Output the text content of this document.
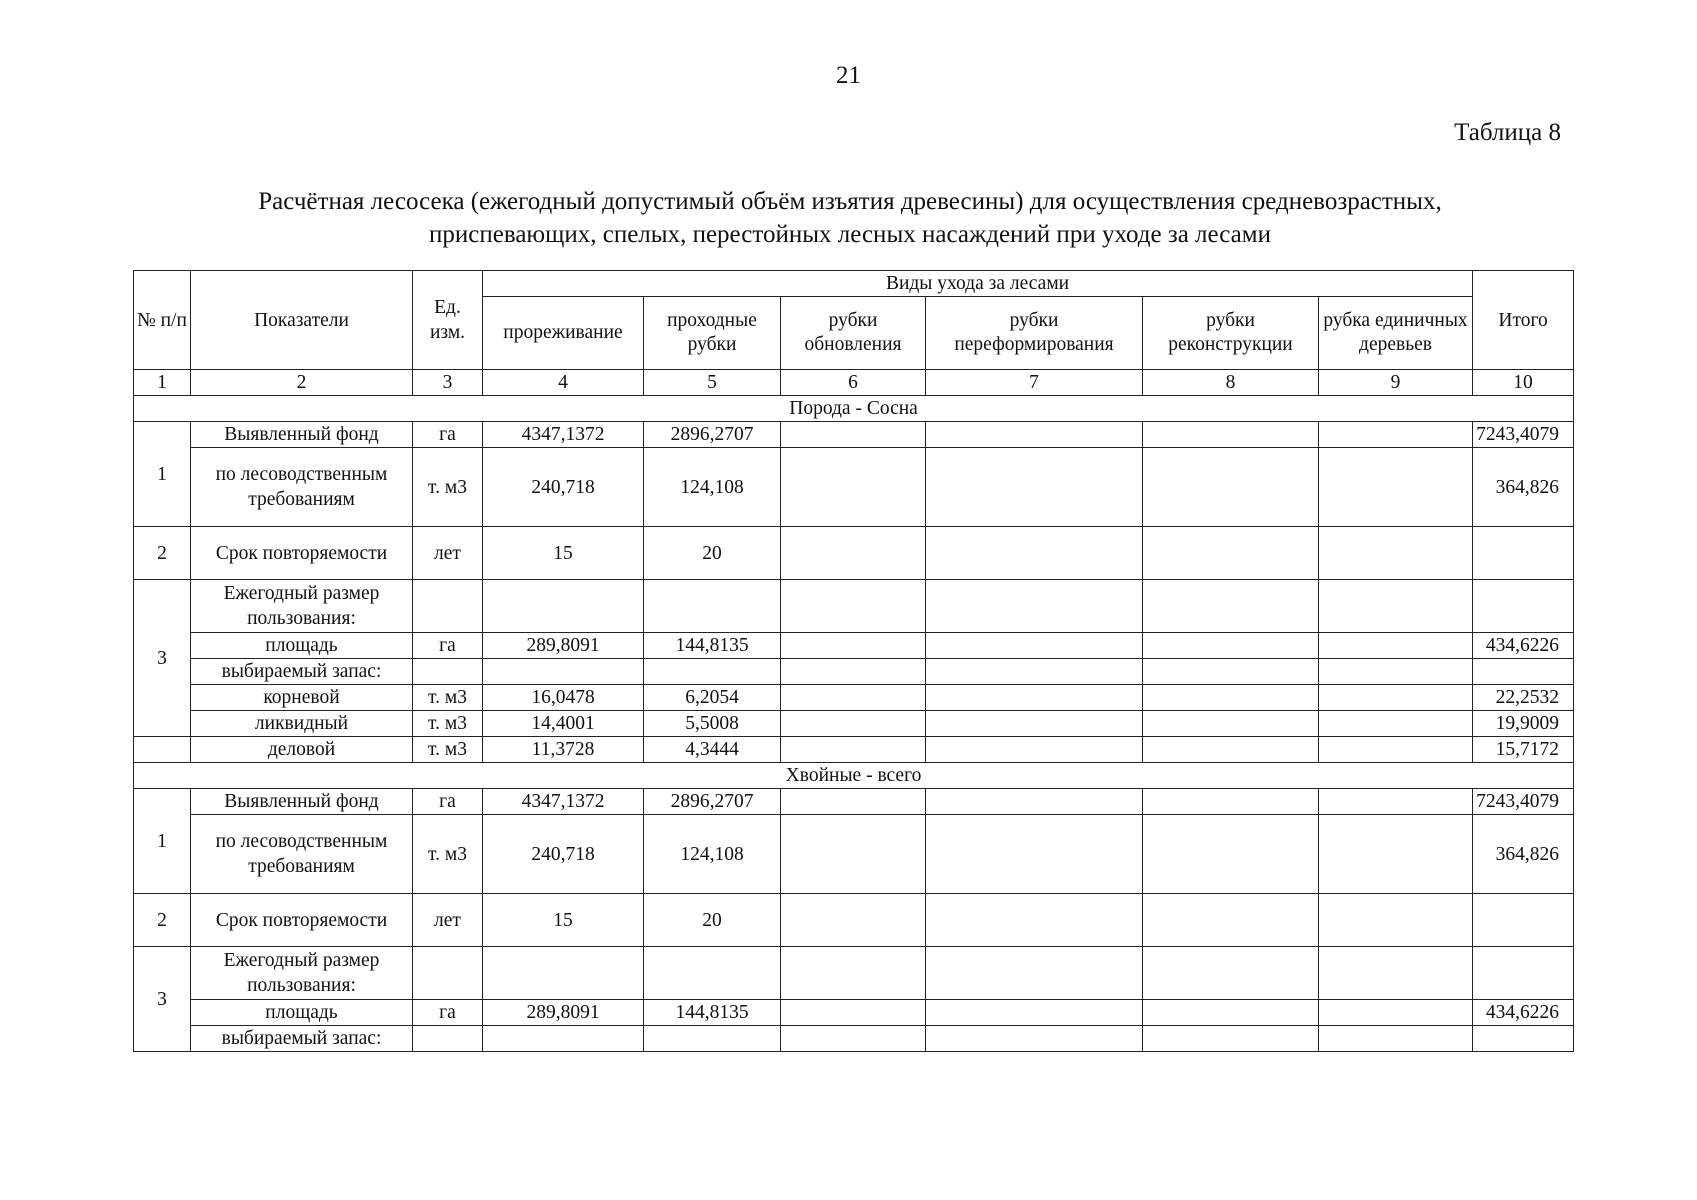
21
Таблица 8
Расчётная лесосека (ежегодный допустимый объём изъятия древесины) для осуществления средневозрастных,
приспевающих, спелых, перестойных лесных насаждений при уходе за лесами
№ п/п	Показатели	Ед. изм.	Виды ухода за лесами						Итого
			прореживание	проходные рубки	рубки обновления	рубки переформирования	рубки реконструкции	рубка единичных деревьев	
1	2	3	4	5	6	7	8	9	10
Порода - Сосна									
1	Выявленный фонд	га	4347,1372	2896,2707					7243,4079
	по лесоводственным требованиям	т. м3	240,718	124,108					364,826
2	Срок повторяемости	лет	15	20					
3	Ежегодный размер пользования:								
	площадь	га	289,8091	144,8135					434,6226
	выбираемый запас:								
	корневой	т. м3	16,0478	6,2054					22,2532
	ликвидный	т. м3	14,4001	5,5008					19,9009
	деловой	т. м3	11,3728	4,3444					15,7172
Хвойные - всего									
1	Выявленный фонд	га	4347,1372	2896,2707					7243,4079
	по лесоводственным требованиям	т. м3	240,718	124,108					364,826
2	Срок повторяемости	лет	15	20					
3	Ежегодный размер пользования:								
	площадь	га	289,8091	144,8135					434,6226
	выбираемый запас:								
